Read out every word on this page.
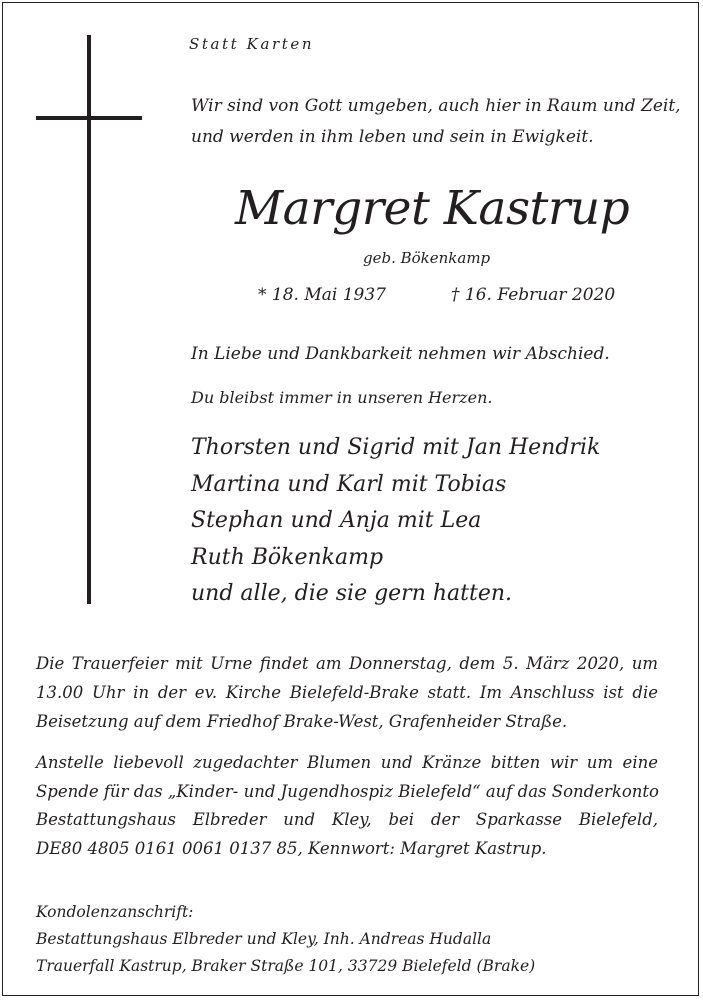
Statt Karten

Wir sind von Gott umgeben, auch hier in Raum und Zeit,
und werden in ihm leben und sein in Ewigkeit.

Margret Kastrup

geb. Bökenkamp

* 18. Mai 1937	† 16. Februar 2020

In Liebe und Dankbarkeit nehmen wir Abschied.

Du bleibst immer in unseren Herzen.

Thorsten und Sigrid mit Jan Hendrik
Martina und Karl mit Tobias
Stephan und Anja mit Lea
Ruth Bökenkamp
und alle, die sie gern hatten.
Die Trauerfeier mit Urne findet am Donnerstag, dem 5. März 2020, um
13.00 Uhr in der ev. Kirche Bielefeld-Brake statt. Im Anschluss ist die
Beisetzung auf dem Friedhof Brake-West, Grafenheider Straße.
Anstelle liebevoll zugedachter Blumen und Kränze bitten wir um eine
Spende für das „Kinder- und Jugendhospiz Bielefeld“ auf das Sonderkonto
Bestattungshaus Elbreder und Kley, bei der Sparkasse Bielefeld,
DE80 4805 0161 0061 0137 85, Kennwort: Margret Kastrup.
Kondolenzanschrift:
Bestattungshaus Elbreder und Kley, Inh. Andreas Hudalla
Trauerfall Kastrup, Braker Straße 101, 33729 Bielefeld (Brake)
